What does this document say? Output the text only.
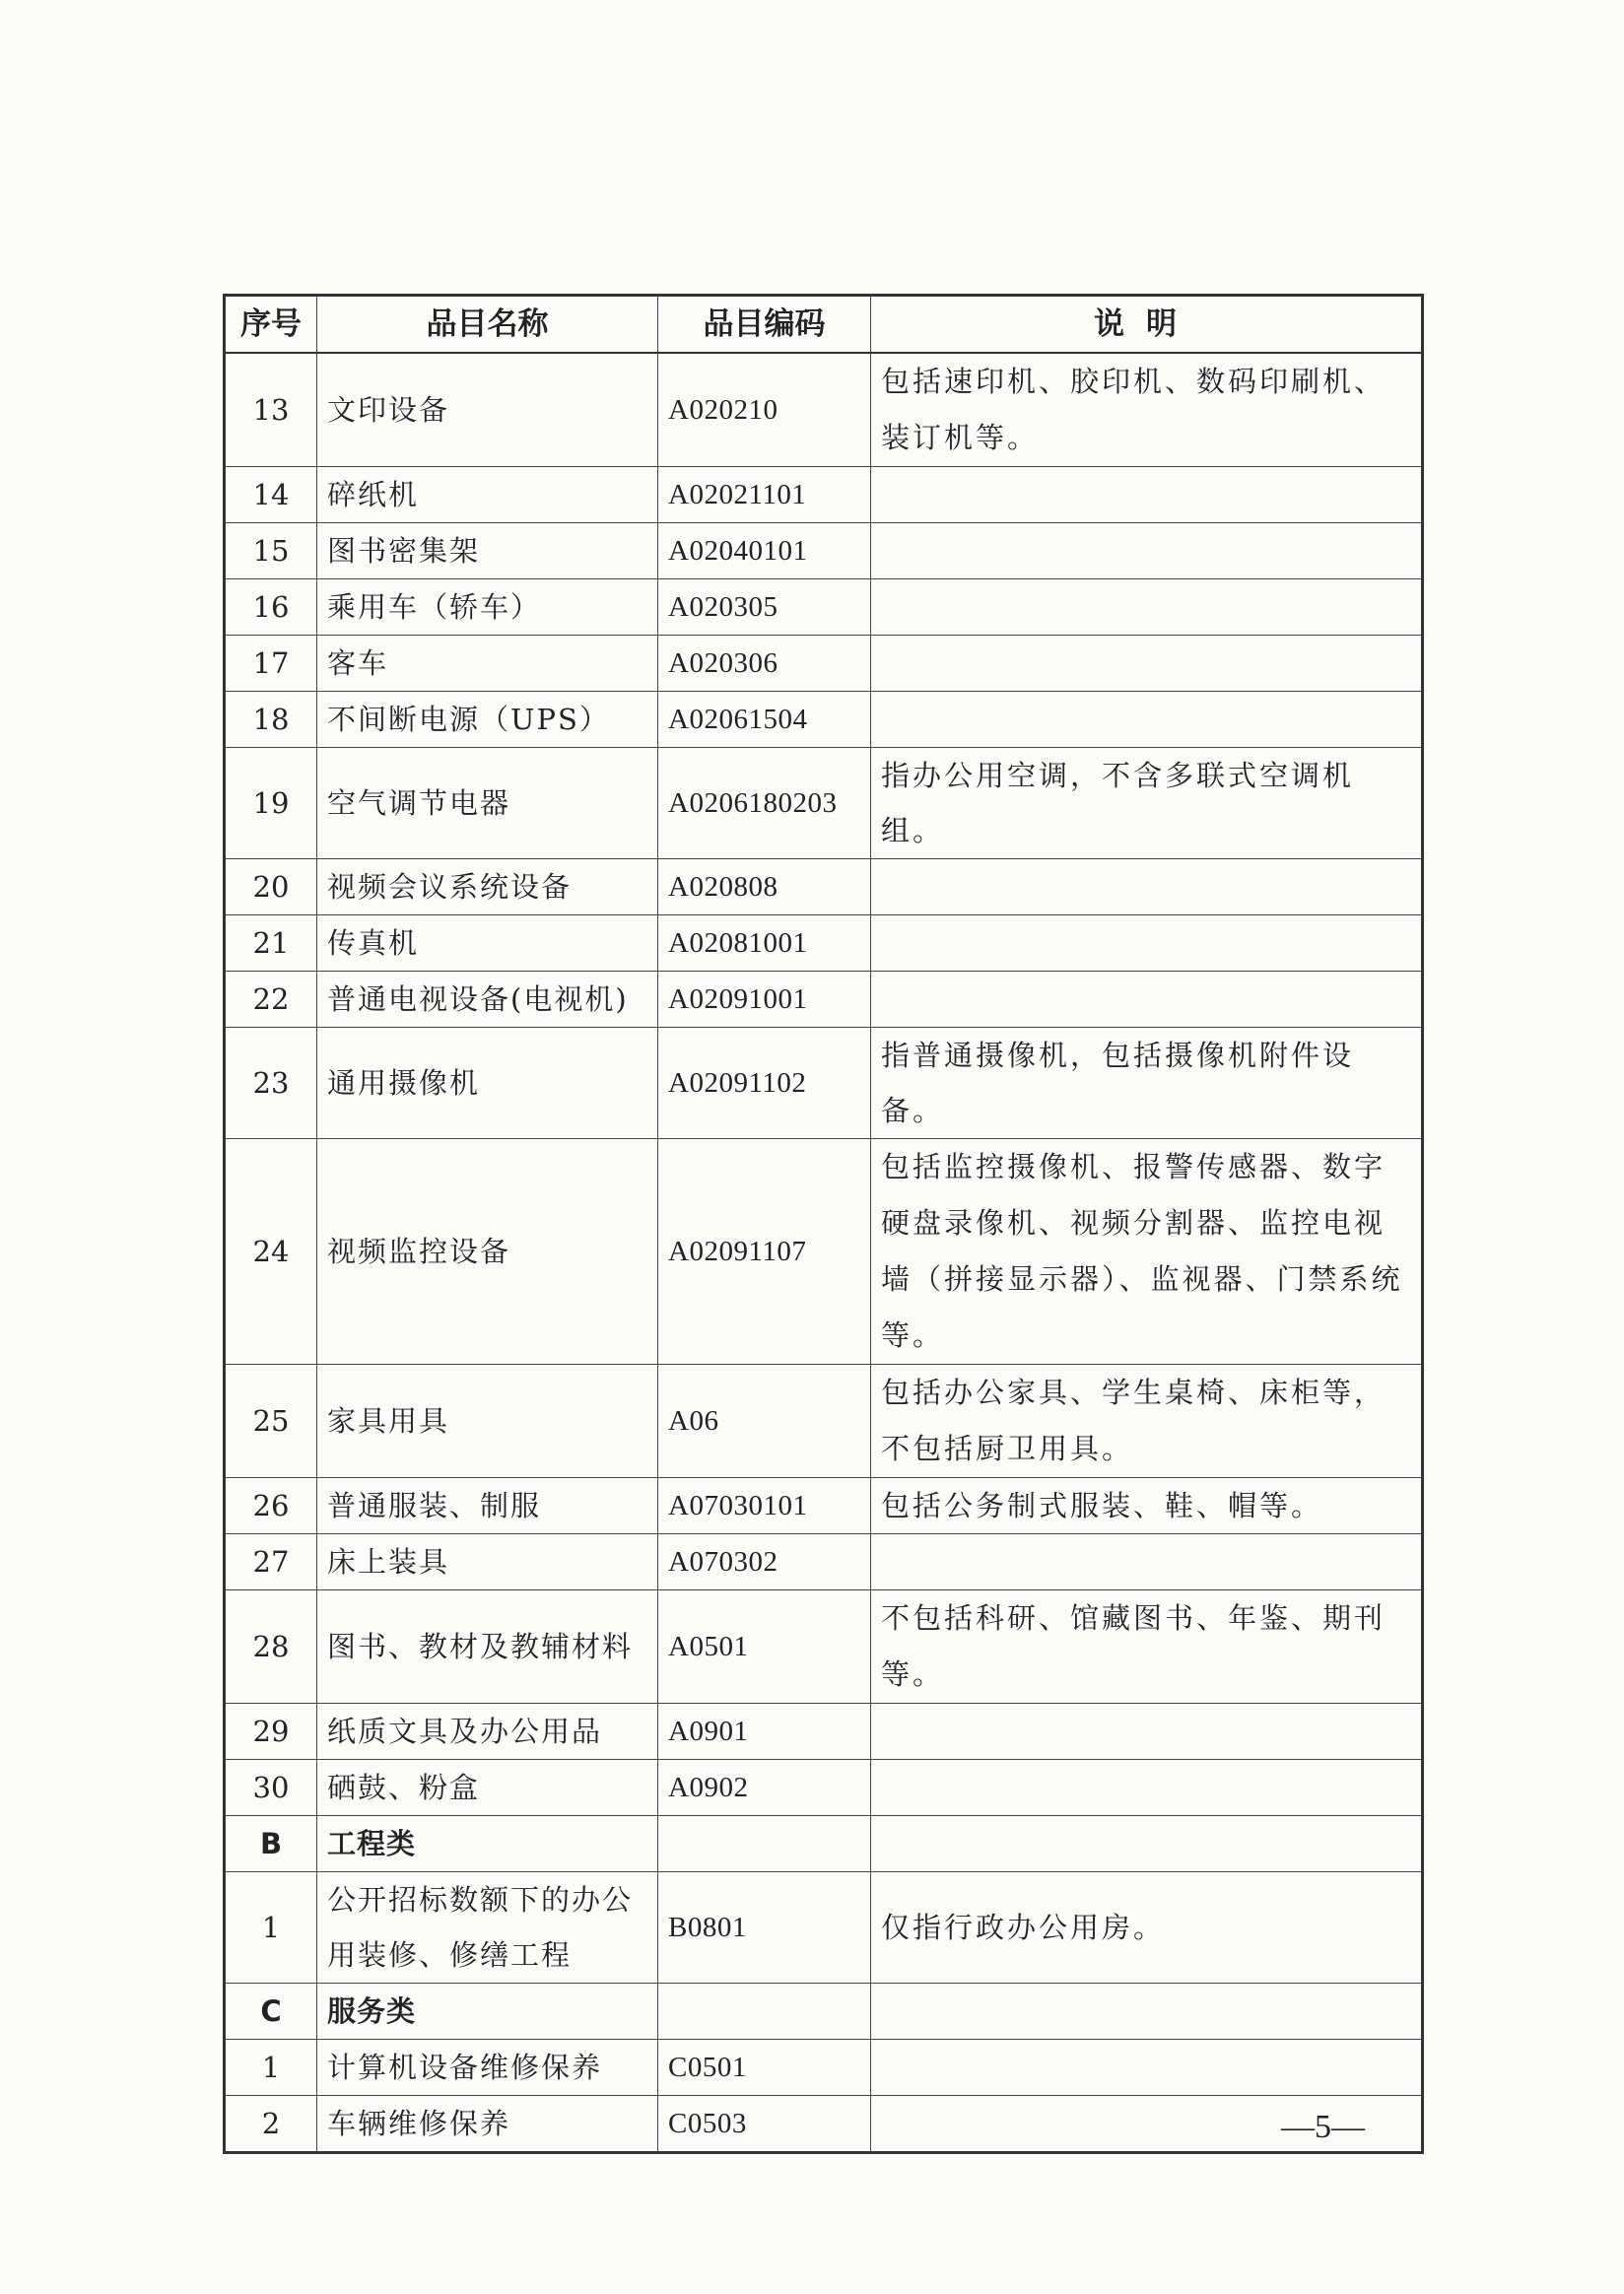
序号	品目名称	品目编码	说明
13	文印设备	A020210	包括速印机、胶印机、数码印刷机、装订机等。
14	碎纸机	A02021101	
15	图书密集架	A02040101	
16	乘用车（轿车）	A020305	
17	客车	A020306	
18	不间断电源（UPS）	A02061504	
19	空气调节电器	A0206180203	指办公用空调，不含多联式空调机组。
20	视频会议系统设备	A020808	
21	传真机	A02081001	
22	普通电视设备(电视机)	A02091001	
23	通用摄像机	A02091102	指普通摄像机，包括摄像机附件设备。
24	视频监控设备	A02091107	包括监控摄像机、报警传感器、数字硬盘录像机、视频分割器、监控电视墙（拼接显示器）、监视器、门禁系统等。
25	家具用具	A06	包括办公家具、学生桌椅、床柜等，不包括厨卫用具。
26	普通服装、制服	A07030101	包括公务制式服装、鞋、帽等。
27	床上装具	A070302	
28	图书、教材及教辅材料	A0501	不包括科研、馆藏图书、年鉴、期刊等。
29	纸质文具及办公用品	A0901	
30	硒鼓、粉盒	A0902	
B	工程类		
1	公开招标数额下的办公用装修、修缮工程	B0801	仅指行政办公用房。
C	服务类		
1	计算机设备维修保养	C0501	
2	车辆维修保养	C0503		—5—
